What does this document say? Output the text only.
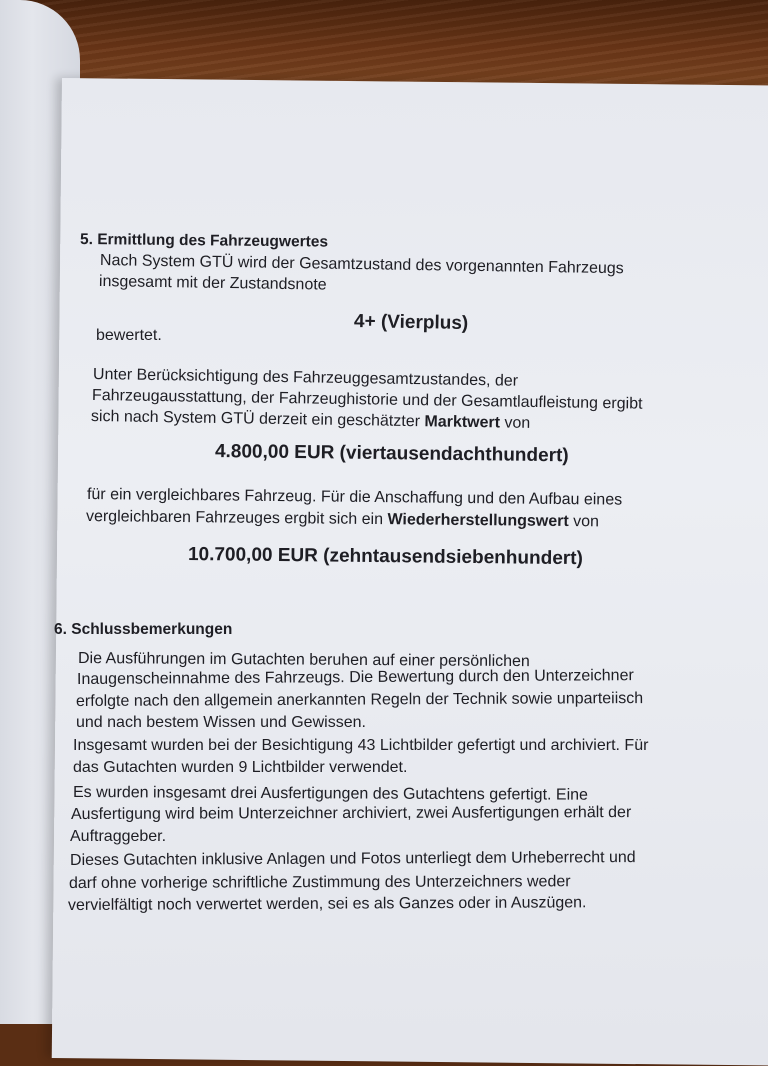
5. Ermittlung des Fahrzeugwertes
Nach System GTÜ wird der Gesamtzustand des vorgenannten Fahrzeugs
insgesamt mit der Zustandsnote
4+ (Vierplus)
bewertet.
Unter Berücksichtigung des Fahrzeuggesamtzustandes, der
Fahrzeugausstattung, der Fahrzeughistorie und der Gesamtlaufleistung ergibt
sich nach System GTÜ derzeit ein geschätzter Marktwert von
4.800,00 EUR (viertausendachthundert)
für ein vergleichbares Fahrzeug. Für die Anschaffung und den Aufbau eines
vergleichbaren Fahrzeuges ergbit sich ein Wiederherstellungswert von
10.700,00 EUR (zehntausendsiebenhundert)
6. Schlussbemerkungen
Die Ausführungen im Gutachten beruhen auf einer persönlichen
Inaugenscheinnahme des Fahrzeugs. Die Bewertung durch den Unterzeichner
erfolgte nach den allgemein anerkannten Regeln der Technik sowie unparteiisch
und nach bestem Wissen und Gewissen.
Insgesamt wurden bei der Besichtigung 43 Lichtbilder gefertigt und archiviert. Für
das Gutachten wurden 9 Lichtbilder verwendet.
Es wurden insgesamt drei Ausfertigungen des Gutachtens gefertigt. Eine
Ausfertigung wird beim Unterzeichner archiviert, zwei Ausfertigungen erhält der
Auftraggeber.
Dieses Gutachten inklusive Anlagen und Fotos unterliegt dem Urheberrecht und
darf ohne vorherige schriftliche Zustimmung des Unterzeichners weder
vervielfältigt noch verwertet werden, sei es als Ganzes oder in Auszügen.
